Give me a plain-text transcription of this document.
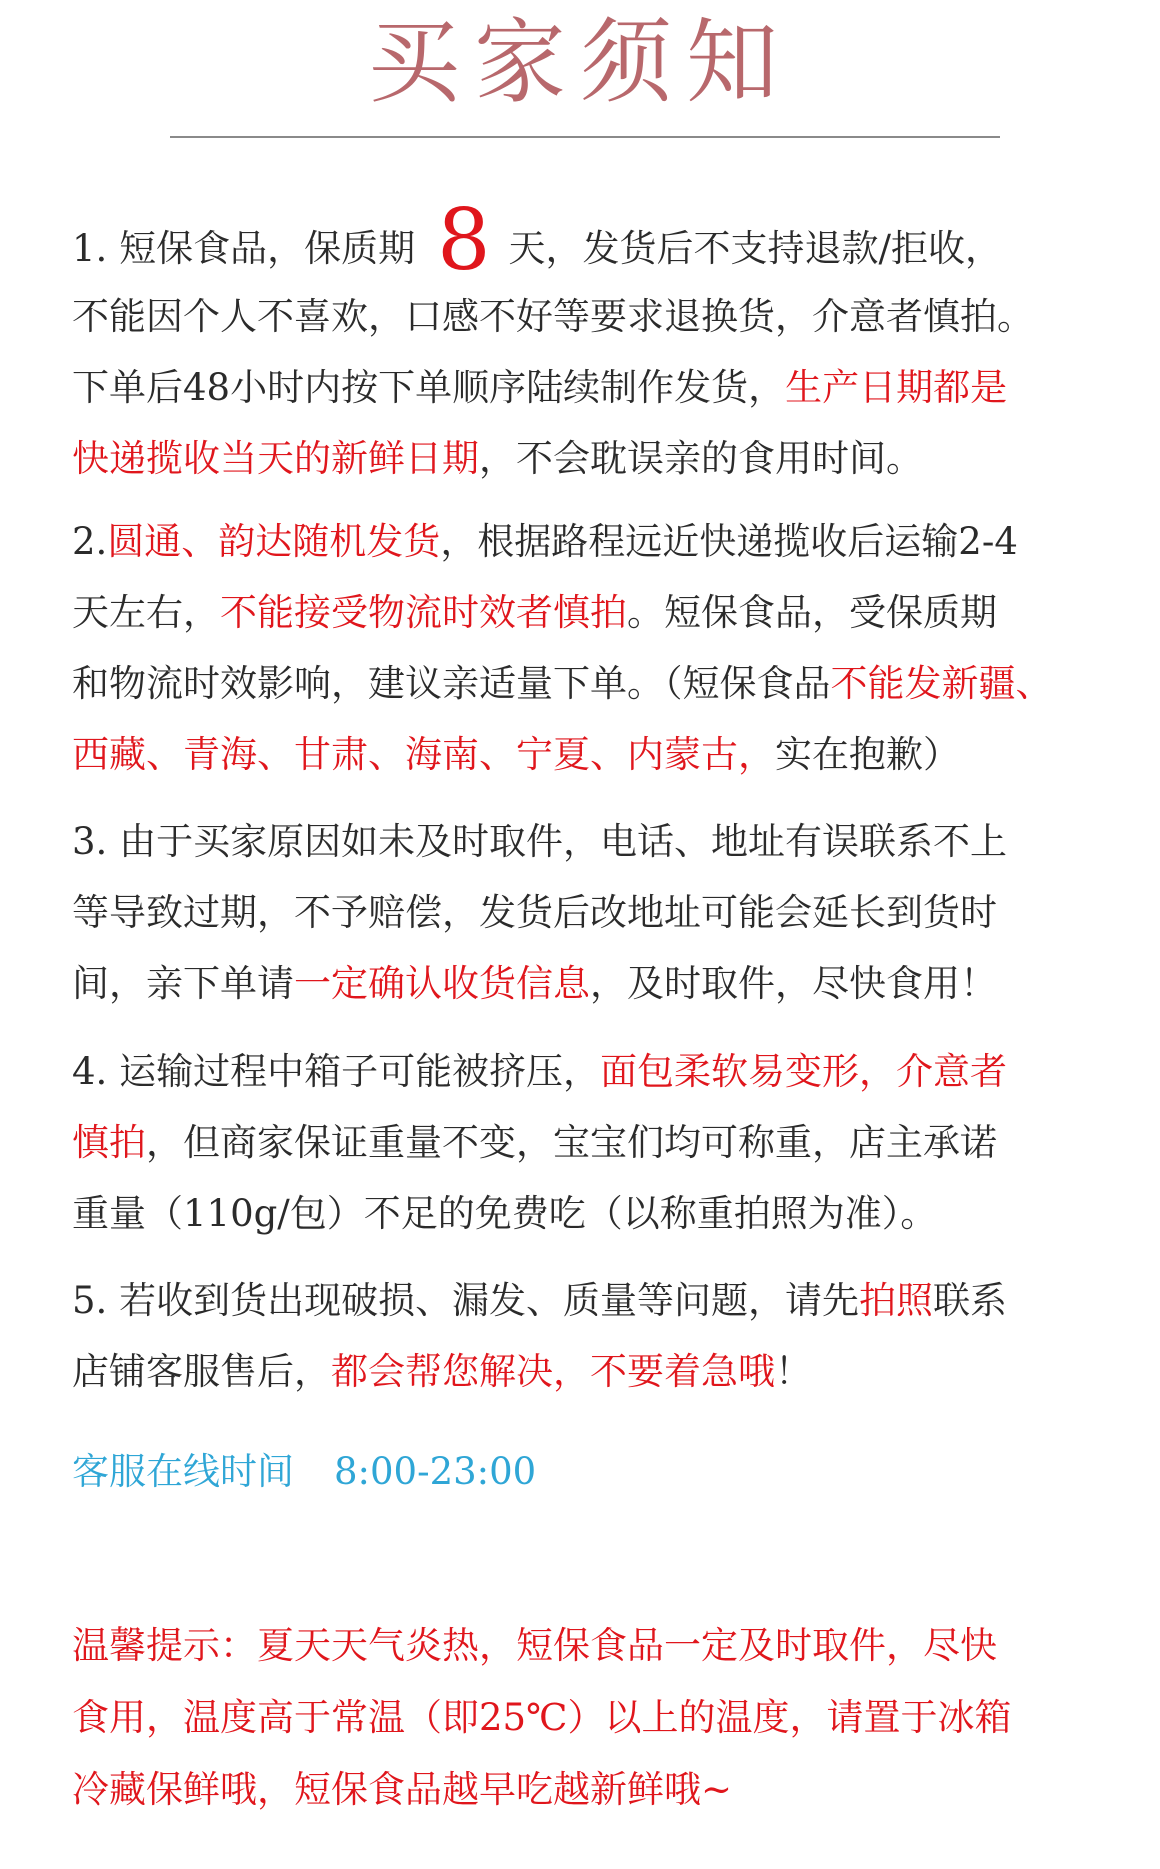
买家须知
1. 短保食品，保质期 8 天，发货后不支持退款/拒收，
不能因个人不喜欢，口感不好等要求退换货，介意者慎拍。
下单后48小时内按下单顺序陆续制作发货，生产日期都是
快递揽收当天的新鲜日期，不会耽误亲的食用时间。
2.圆通、韵达随机发货，根据路程远近快递揽收后运输2-4
天左右，不能接受物流时效者慎拍。短保食品，受保质期
和物流时效影响，建议亲适量下单。（短保食品不能发新疆、
西藏、青海、甘肃、海南、宁夏、内蒙古，实在抱歉）
3. 由于买家原因如未及时取件，电话、地址有误联系不上
等导致过期，不予赔偿，发货后改地址可能会延长到货时
间，亲下单请一定确认收货信息，及时取件，尽快食用！
4. 运输过程中箱子可能被挤压，面包柔软易变形，介意者
慎拍，但商家保证重量不变，宝宝们均可称重，店主承诺
重量（110g/包）不足的免费吃（以称重拍照为准）。
5. 若收到货出现破损、漏发、质量等问题，请先拍照联系
店铺客服售后，都会帮您解决，不要着急哦！
客服在线时间 8:00-23:00
温馨提示：夏天天气炎热，短保食品一定及时取件，尽快
食用，温度高于常温（即25℃）以上的温度，请置于冰箱
冷藏保鲜哦，短保食品越早吃越新鲜哦~
